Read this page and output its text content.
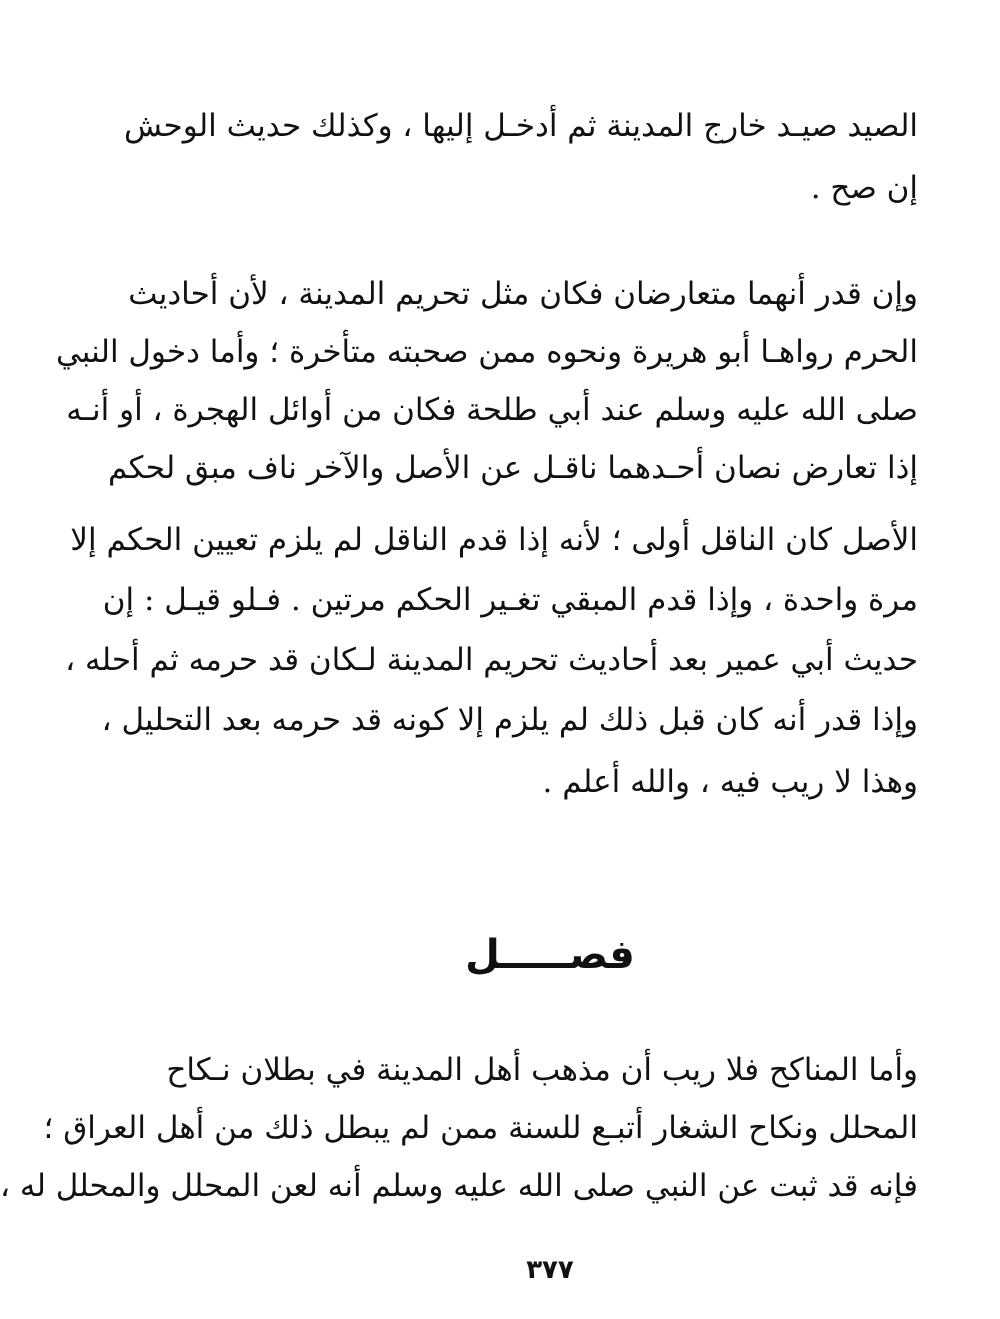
الصيد صيـد خارج المدينة ثم أدخـل إليها ، وكذلك حديث الوحش
إن صح .
وإن قدر أنهما متعارضان فكان مثل تحريم المدينة ، لأن أحاديث
الحرم رواهـا أبو هريرة ونحوه ممن صحبته متأخرة ؛ وأما دخول النبي
صلى الله عليه وسلم عند أبي طلحة فكان من أوائل الهجرة ، أو أنـه
إذا تعارض نصان أحـدهما ناقـل عن الأصل والآخر ناف مبق لحكم
الأصل كان الناقل أولى ؛ لأنه إذا قدم الناقل لم يلزم تعيين الحكم إلا
مرة واحدة ، وإذا قدم المبقي تغـير الحكم مرتين . فـلو قيـل : إن
حديث أبي عمير بعد أحاديث تحريم المدينة لـكان قد حرمه ثم أحله ،
وإذا قدر أنه كان قبل ذلك لم يلزم إلا كونه قد حرمه بعد التحليل ،
وهذا لا ريب فيه ، والله أعلم .
فصـــــل
وأما المناكح فلا ريب أن مذهب أهل المدينة في بطلان نـكاح
المحلل ونكاح الشغار أتبـع للسنة ممن لم يبطل ذلك من أهل العراق ؛
فإنه قد ثبت عن النبي صلى الله عليه وسلم أنه لعن المحلل والمحلل له ،
٣٧٧
